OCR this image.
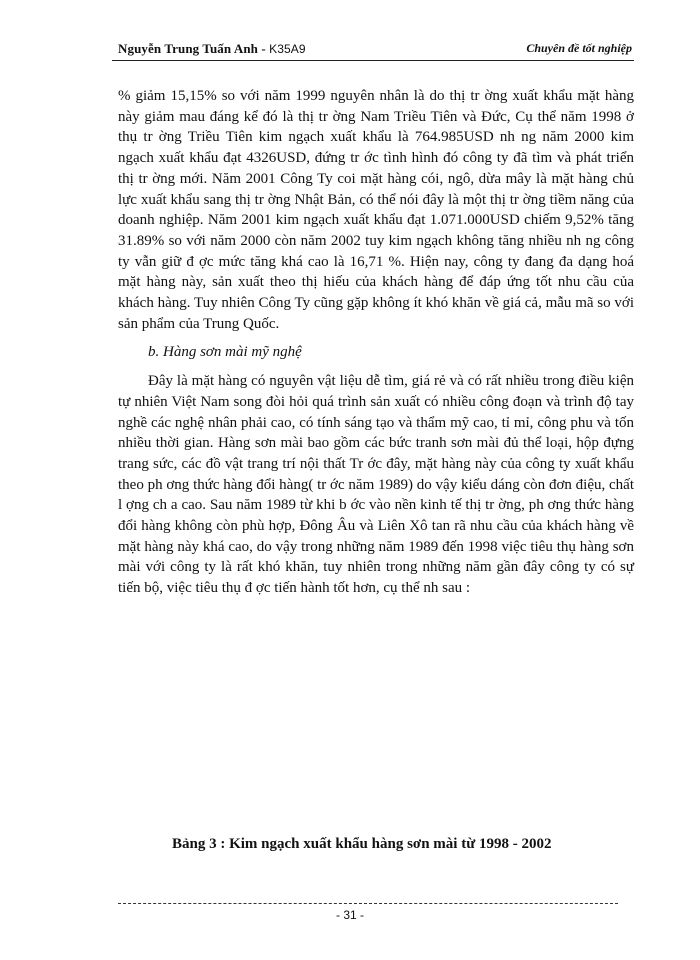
Nguyễn Trung Tuấn Anh - K35A9	Chuyên đề tốt nghiệp

% giảm 15,15% so với năm 1999 nguyên nhân là do thị tr ờng xuất khẩu mặt hàng này giảm mau đáng kể đó là thị tr ờng Nam Triều Tiên và Đức, Cụ thể năm 1998 ở thụ tr ờng Triều Tiên kim ngạch xuất khẩu là 764.985USD nh ng năm 2000 kim ngạch xuất khẩu đạt 4326USD, đứng tr ớc tình hình đó công ty đã tìm và phát triển thị tr ờng mới. Năm 2001 Công Ty coi mặt hàng cói, ngô, dừa mây là mặt hàng chủ lực xuất khẩu sang thị tr ờng Nhật Bản, có thể nói đây là một thị tr ờng tiềm năng của doanh nghiệp. Năm 2001 kim ngạch xuất khẩu đạt 1.071.000USD chiếm 9,52% tăng 31.89% so với năm 2000 còn năm 2002 tuy kim ngạch không tăng nhiều nh ng công ty vẫn giữ đ ợc mức tăng khá cao là 16,71 %. Hiện nay, công ty đang đa dạng hoá mặt hàng này, sản xuất theo thị hiếu của khách hàng để đáp ứng tốt nhu cầu của khách hàng. Tuy nhiên Công Ty cũng gặp không ít khó khăn về giá cả, mẫu mã so với sản phẩm của Trung Quốc.

b. Hàng sơn mài mỹ nghệ

Đây là mặt hàng có nguyên vật liệu dễ tìm, giá rẻ và có rất nhiều trong điều kiện tự nhiên Việt Nam song đòi hỏi quá trình sản xuất có nhiều công đoạn và trình độ tay nghề các nghệ nhân phải cao, có tính sáng tạo và thẩm mỹ cao, tỉ mỉ, công phu và tốn nhiều thời gian. Hàng sơn mài bao gồm các bức tranh sơn mài đủ thể loại, hộp đựng trang sức, các đồ vật trang trí nội thất Tr ớc đây, mặt hàng này của công ty xuất khẩu theo ph ơng thức hàng đổi hàng( tr ớc năm 1989) do vậy kiểu dáng còn đơn điệu, chất l ợng ch a cao. Sau năm 1989 từ khi b ớc vào nền kinh tế thị tr ờng, ph ơng thức hàng đổi hàng không còn phù hợp, Đông Âu và Liên Xô tan rã nhu cầu của khách hàng về mặt hàng này khá cao, do vậy trong những năm 1989 đến 1998 việc tiêu thụ hàng sơn mài với công ty là rất khó khăn, tuy nhiên trong những năm gần đây công ty có sự tiến bộ, việc tiêu thụ đ ợc tiến hành tốt hơn, cụ thể nh sau :

Bảng 3 : Kim ngạch xuất khẩu hàng sơn mài từ 1998 - 2002
- 31 -
